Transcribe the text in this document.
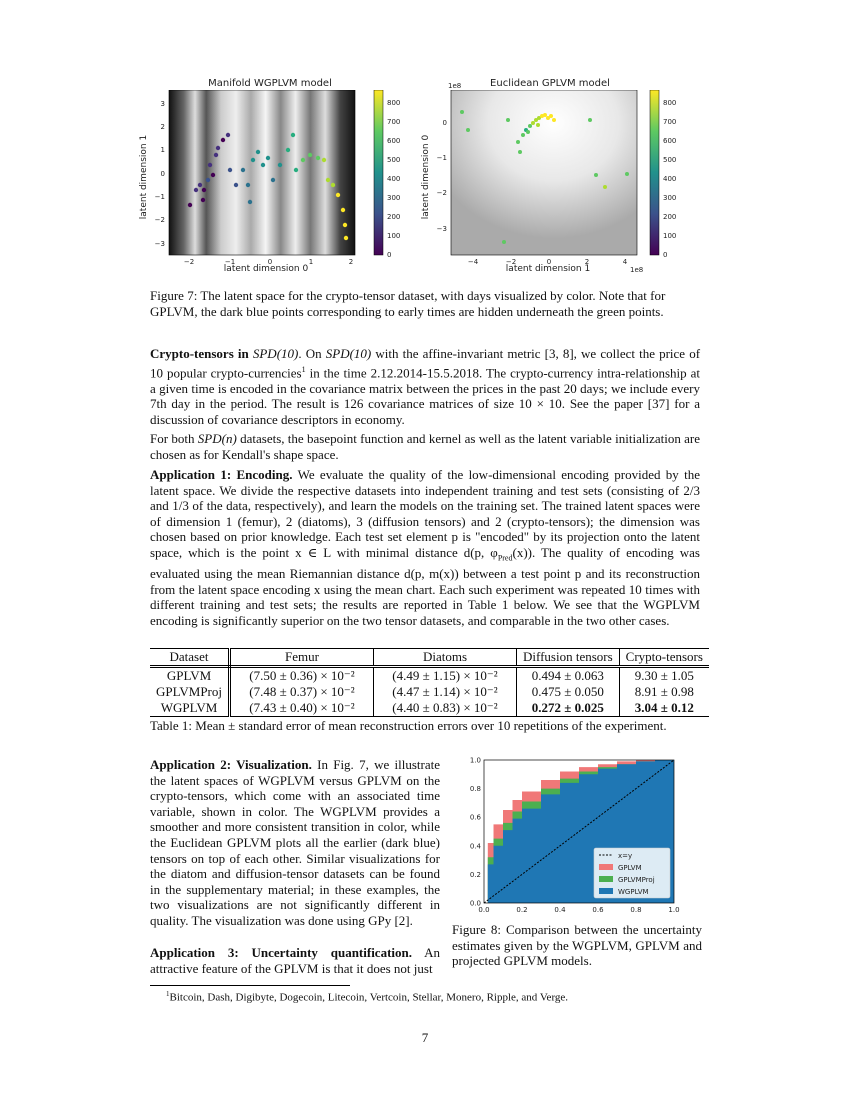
Manifold WGPLVM model
3
2
1
0
−1
−2
−3
−2	−1	0	1	2
800
700
600
500
400
300
200
100
0
latent dimension 0
latent dimension 1
Euclidean GPLVM model
1e8
0
−1
−2
−3
−4	−2	0	2	4
1e8
800
700
600
500
400
300
200
100
0
latent dimension 1
latent dimension 0
Figure 7: The latent space for the crypto-tensor dataset, with days visualized by color. Note that for GPLVM, the dark blue points corresponding to early times are hidden underneath the green points.
Crypto-tensors in SPD(10). On SPD(10) with the affine-invariant metric [3, 8], we collect the price of 10 popular crypto-currencies$^1$ in the time 2.12.2014-15.5.2018. The crypto-currency intra-relationship at a given time is encoded in the covariance matrix between the prices in the past 20 days; we include every 7th day in the period. The result is 126 covariance matrices of size 10 × 10. See the paper [37] for a discussion of covariance descriptors in economy.
For both SPD(n) datasets, the basepoint function and kernel as well as the latent variable initialization are chosen as for Kendall's shape space.
Application 1: Encoding. We evaluate the quality of the low-dimensional encoding provided by the latent space. We divide the respective datasets into independent training and test sets (consisting of 2/3 and 1/3 of the data, respectively), and learn the models on the training set. The trained latent spaces were of dimension 1 (femur), 2 (diatoms), 3 (diffusion tensors) and 2 (crypto-tensors); the dimension was chosen based on prior knowledge. Each test set element p is "encoded" by its projection onto the latent space, which is the point x ∈ L with minimal distance d(p, $\varphi_{Pred}(x)$). The quality of encoding was evaluated using the mean Riemannian distance d(p, m(x)) between a test point p and its reconstruction from the latent space encoding x using the mean chart. Each such experiment was repeated 10 times with different training and test sets; the results are reported in Table 1 below. We see that the WGPLVM encoding is significantly superior on the two tensor datasets, and comparable in the two other cases.
Dataset	Femur	Diatoms	Diffusion tensors	Crypto-tensors
GPLVM	(7.50 ± 0.36) × 10⁻²	(4.49 ± 1.15) × 10⁻²	0.494 ± 0.063	9.30 ± 1.05
GPLVMProj	(7.48 ± 0.37) × 10⁻²	(4.47 ± 1.14) × 10⁻²	0.475 ± 0.050	8.91 ± 0.98
WGPLVM	(7.43 ± 0.40) × 10⁻²	(4.40 ± 0.83) × 10⁻²	0.272 ± 0.025	3.04 ± 0.12
Table 1: Mean ± standard error of mean reconstruction errors over 10 repetitions of the experiment.
Application 2: Visualization. In Fig. 7, we illustrate the latent spaces of WGPLVM versus GPLVM on the crypto-tensors, which come with an associated time variable, shown in color. The WGPLVM provides a smoother and more consistent transition in color, while the Euclidean GPLVM plots all the earlier (dark blue) tensors on top of each other. Similar visualizations for the diatom and diffusion-tensor datasets can be found in the supplementary material; in these examples, the two visualizations are not significantly different in quality. The visualization was done using GPy [2].
Application 3: Uncertainty quantification. An attractive feature of the GPLVM is that it does not just
0.0	0.2	0.4	0.6	0.8	1.0
0.0
0.2
0.4
0.6
0.8
1.0
x=y
GPLVM
GPLVMProj
WGPLVM
Figure 8: Comparison between the uncertainty estimates given by the WGPLVM, GPLVM and projected GPLVM models.
$^1$Bitcoin, Dash, Digibyte, Dogecoin, Litecoin, Vertcoin, Stellar, Monero, Ripple, and Verge.
7
